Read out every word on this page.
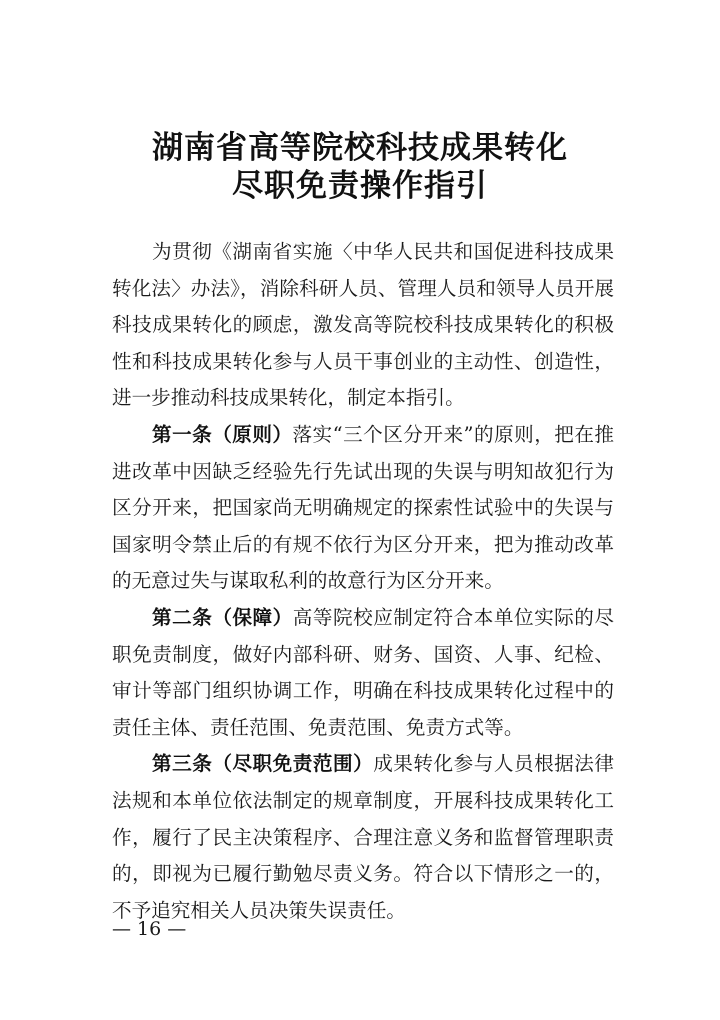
湖南省高等院校科技成果转化
尽职免责操作指引

为贯彻《湖南省实施〈中华人民共和国促进科技成果转化法〉办法》，消除科研人员、管理人员和领导人员开展科技成果转化的顾虑，激发高等院校科技成果转化的积极性和科技成果转化参与人员干事创业的主动性、创造性，进一步推动科技成果转化，制定本指引。

第一条（原则）落实“三个区分开来”的原则，把在推进改革中因缺乏经验先行先试出现的失误与明知故犯行为区分开来，把国家尚无明确规定的探索性试验中的失误与国家明令禁止后的有规不依行为区分开来，把为推动改革的无意过失与谋取私利的故意行为区分开来。

第二条（保障）高等院校应制定符合本单位实际的尽职免责制度，做好内部科研、财务、国资、人事、纪检、审计等部门组织协调工作，明确在科技成果转化过程中的责任主体、责任范围、免责范围、免责方式等。

第三条（尽职免责范围）成果转化参与人员根据法律法规和本单位依法制定的规章制度，开展科技成果转化工作，履行了民主决策程序、合理注意义务和监督管理职责的，即视为已履行勤勉尽责义务。符合以下情形之一的，不予追究相关人员决策失误责任。

— 16 —
